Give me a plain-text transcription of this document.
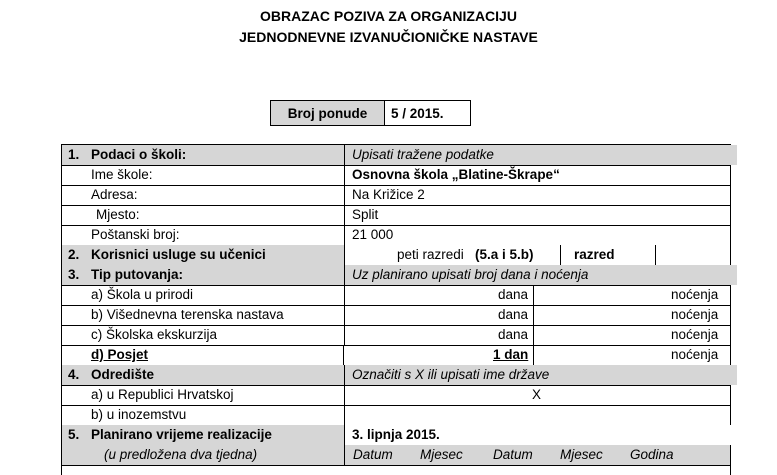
OBRAZAC POZIVA ZA ORGANIZACIJU
JEDNODNEVNE IZVANUČIONIČKE NASTAVE
Broj ponude	5 / 2015.
1. Podaci o školi:	Upisati tražene podatke
Ime škole:	Osnovna škola „Blatine-Škrape“
Adresa:	Na Križice 2
Mjesto:	Split
Poštanski broj:	21 000
2. Korisnici usluge su učenici	peti razredi (5.a i 5.b)	razred
3. Tip putovanja:	Uz planirano upisati broj dana i noćenja
a) Škola u prirodi	dana	noćenja
b) Višednevna terenska nastava	dana	noćenja
c) Školska ekskurzija	dana	noćenja
d) Posjet	1 dan	noćenja
4. Odredište	Označiti s X ili upisati ime države
a) u Republici Hrvatskoj	X
b) u inozemstvu
5. Planirano vrijeme realizacije	3. lipnja 2015.
(u predložena dva tjedna)	Datum Mjesec Datum Mjesec Godina
